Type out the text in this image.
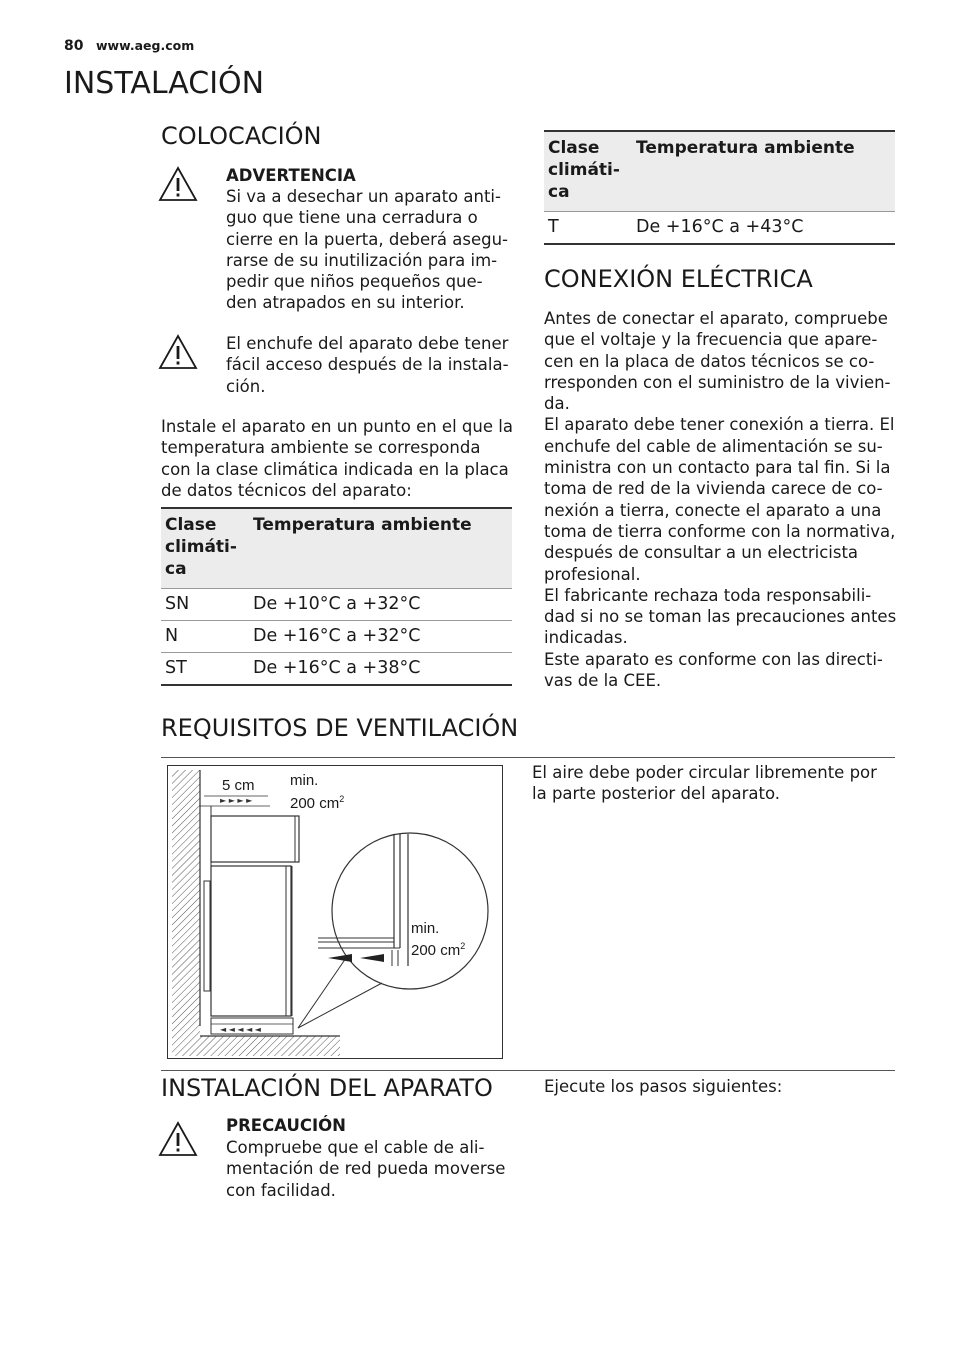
80 www.aeg.com
INSTALACIÓN
COLOCACIÓN
ADVERTENCIA
Si va a desechar un aparato anti-
guo que tiene una cerradura o
cierre en la puerta, deberá asegu-
rarse de su inutilización para im-
pedir que niños pequeños que-
den atrapados en su interior.
El enchufe del aparato debe tener
fácil acceso después de la instala-
ción.
Instale el aparato en un punto en el que la
temperatura ambiente se corresponda
con la clase climática indicada en la placa
de datos técnicos del aparato:
Clase
climáti-
ca	Temperatura ambiente
SN	De +10°C a +32°C
N	De +16°C a +32°C
ST	De +16°C a +38°C
Clase
climáti-
ca	Temperatura ambiente
T	De +16°C a +43°C
CONEXIÓN ELÉCTRICA
Antes de conectar el aparato, compruebe
que el voltaje y la frecuencia que apare-
cen en la placa de datos técnicos se co-
rresponden con el suministro de la vivien-
da.
El aparato debe tener conexión a tierra. El
enchufe del cable de alimentación se su-
ministra con un contacto para tal fin. Si la
toma de red de la vivienda carece de co-
nexión a tierra, conecte el aparato a una
toma de tierra conforme con la normativa,
después de consultar a un electricista
profesional.
El fabricante rechaza toda responsabili-
dad si no se toman las precauciones antes
indicadas.
Este aparato es conforme con las directi-
vas de la CEE.
REQUISITOS DE VENTILACIÓN
El aire debe poder circular libremente por
la parte posterior del aparato.
► ► ► ►
◄ ◄ ◄ ◄ ◄
5 cm min.
200 $cm^2$
min.
200 $cm^2$
INSTALACIÓN DEL APARATO	Ejecute los pasos siguientes:
PRECAUCIÓN
Compruebe que el cable de ali-
mentación de red pueda moverse
con facilidad.
